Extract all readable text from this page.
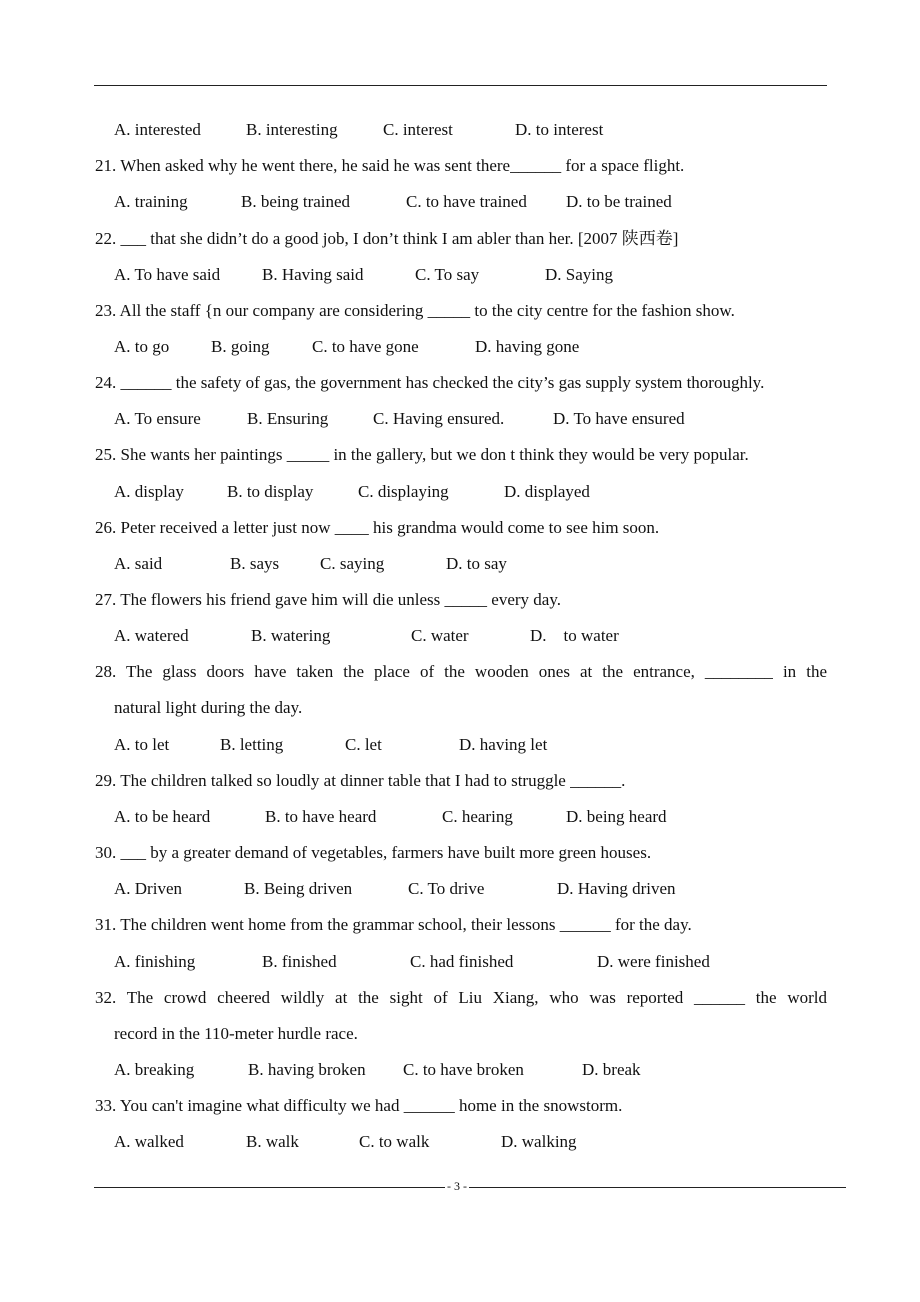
A. interested	B. interesting	C. interest	D. to interest
21. When asked why he went there, he said he was sent there______ for a space flight.
A. training	B. being trained	C. to have trained D. to be trained
22. ___ that she didn’t do a good job, I don’t think I am abler than her. [2007 陕西卷]
A. To have said B. Having said	C. To say	D. Saying
23. All the staff {n our company are considering _____ to the city centre for the fashion show.
A. to go B. going C. to have gone	D. having gone
24. ______ the safety of gas, the government has checked the city’s gas supply system thoroughly.
A. To ensure	B. Ensuring	C. Having ensured.	D. To have ensured
25. She wants her paintings _____ in the gallery, but we don t think they would be very popular.
A. display	B. to display	C. displaying	D. displayed
26. Peter received a letter just now ____ his grandma would come to see him soon.
A. said	B. says C. saying	D. to say
27. The flowers his friend gave him will die unless _____ every day.
A. watered	B. watering	C. water	D.    to water
28. The glass doors have taken the place of the wooden ones at the entrance, ________ in the
natural light during the day.
A. to let	B. letting	C. let	D. having let
29. The children talked so loudly at dinner table that I had to struggle ______.
A. to be heard	B. to have heard	C. hearing	D. being heard
30. ___ by a greater demand of vegetables, farmers have built more green houses.
A. Driven	B. Being driven	C. To drive	D. Having driven
31. The children went home from the grammar school, their lessons ______ for the day.
A. finishing	B. finished	C. had finished	D. were finished
32. The crowd cheered wildly at the sight of Liu Xiang, who was reported ______ the world
record in the 110-meter hurdle race.
A. breaking	B. having broken C. to have broken	D. break
33. You can't imagine what difficulty we had ______ home in the snowstorm.
A. walked	B. walk	C. to walk	D. walking
- 3 -
